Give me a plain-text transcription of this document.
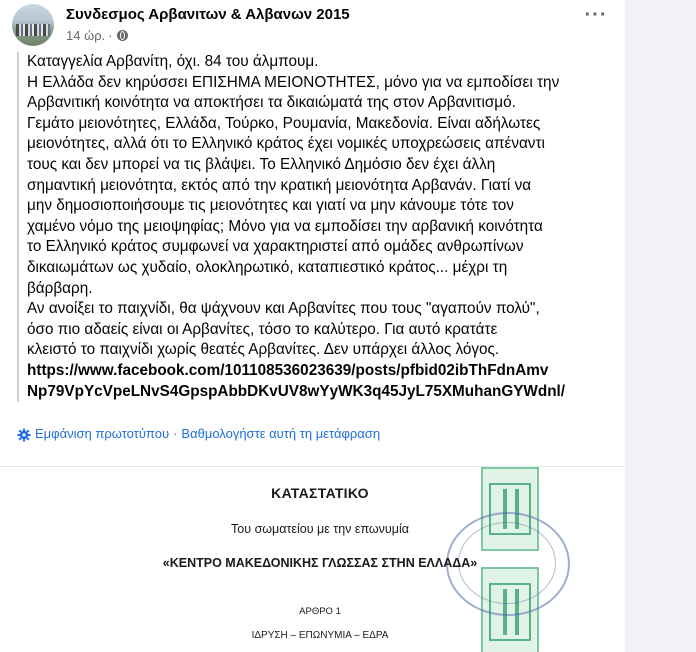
Συνδεσμος Αρβανιτων & Αλβανων 2015
14 ώρ. ·
···
Καταγγελία Αρβανίτη, όχι. 84 του άλμπουμ.
Η Ελλάδα δεν κηρύσσει ΕΠΙΣΗΜΑ ΜΕΙΟΝΟΤΗΤΕΣ, μόνο για να εμποδίσει την
Αρβανιτική κοινότητα να αποκτήσει τα δικαιώματά της στον Αρβανιτισμό.
Γεμάτο μειονότητες, Ελλάδα, Τούρκο, Ρουμανία, Μακεδονία. Είναι αδήλωτες
μειονότητες, αλλά ότι το Ελληνικό κράτος έχει νομικές υποχρεώσεις απέναντι
τους και δεν μπορεί να τις βλάψει. Το Ελληνικό Δημόσιο δεν έχει άλλη
σημαντική μειονότητα, εκτός από την κρατική μειονότητα Αρβανάν. Γιατί να
μην δημοσιοποιήσουμε τις μειονότητες και γιατί να μην κάνουμε τότε τον
χαμένο νόμο της μειοψηφίας; Μόνο για να εμποδίσει την αρβανική κοινότητα
το Ελληνικό κράτος συμφωνεί να χαρακτηριστεί από ομάδες ανθρωπίνων
δικαιωμάτων ως χυδαίο, ολοκληρωτικό, καταπιεστικό κράτος... μέχρι τη
βάρβαρη.
Αν ανοίξει το παιχνίδι, θα ψάχνουν και Αρβανίτες που τους "αγαπούν πολύ",
όσο πιο αδαείς είναι οι Αρβανίτες, τόσο το καλύτερο. Για αυτό κρατάτε
κλειστό το παιχνίδι χωρίς θεατές Αρβανίτες. Δεν υπάρχει άλλος λόγος.
https://www.facebook.com/101108536023639/posts/pfbid02ibThFdnAmv
Np79VpYcVpeLNvS4GpspAbbDKvUV8wYyWK3q45JyL75XMuhanGYWdnl/
Εμφάνιση πρωτοτύπου · Βαθμολογήστε αυτή τη μετάφραση
ΚΑΤΑΣΤΑΤΙΚΟ
Του σωματείου με την επωνυμία
«ΚΕΝΤΡΟ ΜΑΚΕΔΟΝΙΚΗΣ ΓΛΩΣΣΑΣ ΣΤΗΝ ΕΛΛΑΔΑ»
ΑΡΘΡΟ 1
ΙΔΡΥΣΗ – ΕΠΩΝΥΜΙΑ – ΕΔΡΑ
